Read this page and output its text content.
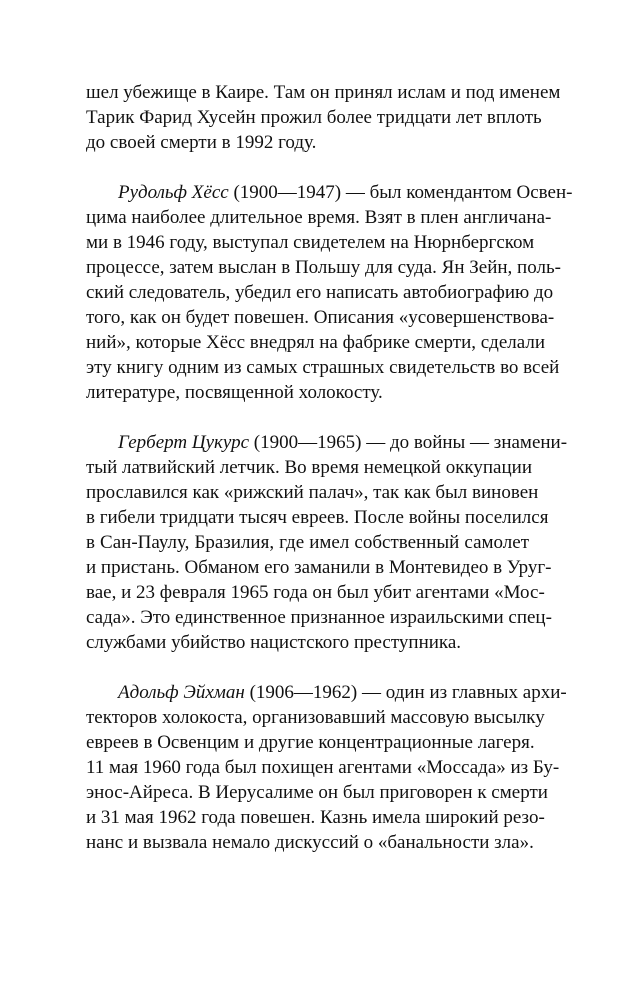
шел убежище в Каире. Там он принял ислам и под именем
Тарик Фарид Хусейн прожил более тридцати лет вплоть
до своей смерти в 1992 году.
Рудольф Хёсс (1900—1947) — был комендантом Освен-
цима наиболее длительное время. Взят в плен англичана-
ми в 1946 году, выступал свидетелем на Нюрнбергском
процессе, затем выслан в Польшу для суда. Ян Зейн, поль-
ский следователь, убедил его написать автобиографию до
того, как он будет повешен. Описания «усовершенствова-
ний», которые Хёсс внедрял на фабрике смерти, сделали
эту книгу одним из самых страшных свидетельств во всей
литературе, посвященной холокосту.
Герберт Цукурс (1900—1965) — до войны — знамени-
тый латвийский летчик. Во время немецкой оккупации
прославился как «рижский палач», так как был виновен
в гибели тридцати тысяч евреев. После войны поселился
в Сан-Паулу, Бразилия, где имел собственный самолет
и пристань. Обманом его заманили в Монтевидео в Уруг-
вае, и 23 февраля 1965 года он был убит агентами «Мос-
сада». Это единственное признанное израильскими спец-
службами убийство нацистского преступника.
Адольф Эйхман (1906—1962) — один из главных архи-
текторов холокоста, организовавший массовую высылку
евреев в Освенцим и другие концентрационные лагеря.
11 мая 1960 года был похищен агентами «Моссада» из Бу-
энос-Айреса. В Иерусалиме он был приговорен к смерти
и 31 мая 1962 года повешен. Казнь имела широкий резо-
нанс и вызвала немало дискуссий о «банальности зла».
